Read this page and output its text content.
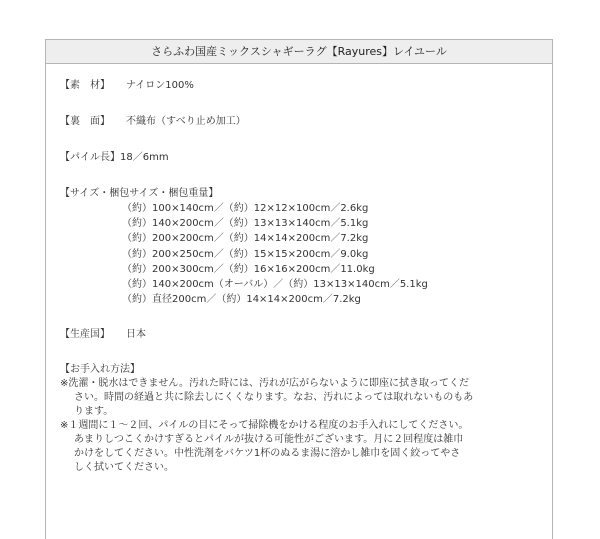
さらふわ国産ミックスシャギーラグ【Rayures】レイユール
【素　材】 ナイロン100%
【裏　面】 不織布（すべり止め加工）
【パイル長】18／6mm
【サイズ・梱包サイズ・梱包重量】
（約）100×140cm／（約）12×12×100cm／2.6kg
（約）140×200cm／（約）13×13×140cm／5.1kg
（約）200×200cm／（約）14×14×200cm／7.2kg
（約）200×250cm／（約）15×15×200cm／9.0kg
（約）200×300cm／（約）16×16×200cm／11.0kg
（約）140×200cm（オーバル）／（約）13×13×140cm／5.1kg
（約）直径200cm／（約）14×14×200cm／7.2kg
【生産国】 日本
【お手入れ方法】
※洗濯・脱水はできません。汚れた時には、汚れが広がらないように即座に拭き取ってくだ
さい。時間の経過と共に除去しにくくなります。なお、汚れによっては取れないものもあ
ります。
※１週間に１～２回、パイルの目にそって掃除機をかける程度のお手入れにしてください。
あまりしつこくかけすぎるとパイルが抜ける可能性がございます。月に２回程度は雑巾
かけをしてください。中性洗剤をバケツ1杯のぬるま湯に溶かし雑巾を固く絞ってやさ
しく拭いてください。
